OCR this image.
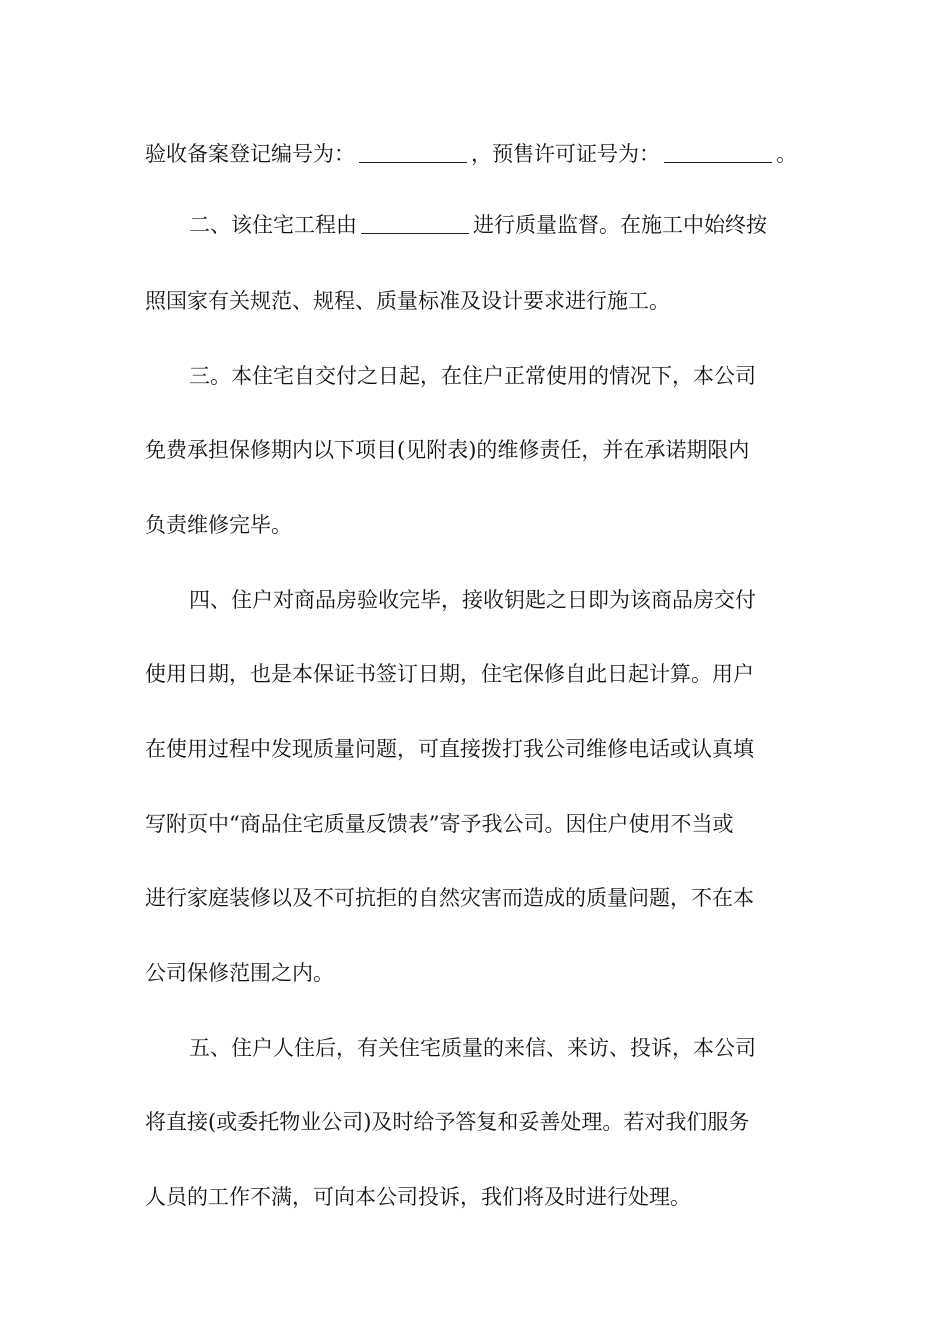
验收备案登记编号为：	，预售许可证号为：	。
二、该住宅工程由	进行质量监督。在施工中始终按
照国家有关规范、规程、质量标准及设计要求进行施工。
三。本住宅自交付之日起，在住户正常使用的情况下，本公司
免费承担保修期内以下项目(见附表)的维修责任，并在承诺期限内
负责维修完毕。
四、住户对商品房验收完毕，接收钥匙之日即为该商品房交付
使用日期，也是本保证书签订日期，住宅保修自此日起计算。用户
在使用过程中发现质量问题，可直接拨打我公司维修电话或认真填
写附页中“商品住宅质量反馈表”寄予我公司。因住户使用不当或
进行家庭装修以及不可抗拒的自然灾害而造成的质量问题，不在本
公司保修范围之内。
五、住户人住后，有关住宅质量的来信、来访、投诉，本公司
将直接(或委托物业公司)及时给予答复和妥善处理。若对我们服务
人员的工作不满，可向本公司投诉，我们将及时进行处理。
